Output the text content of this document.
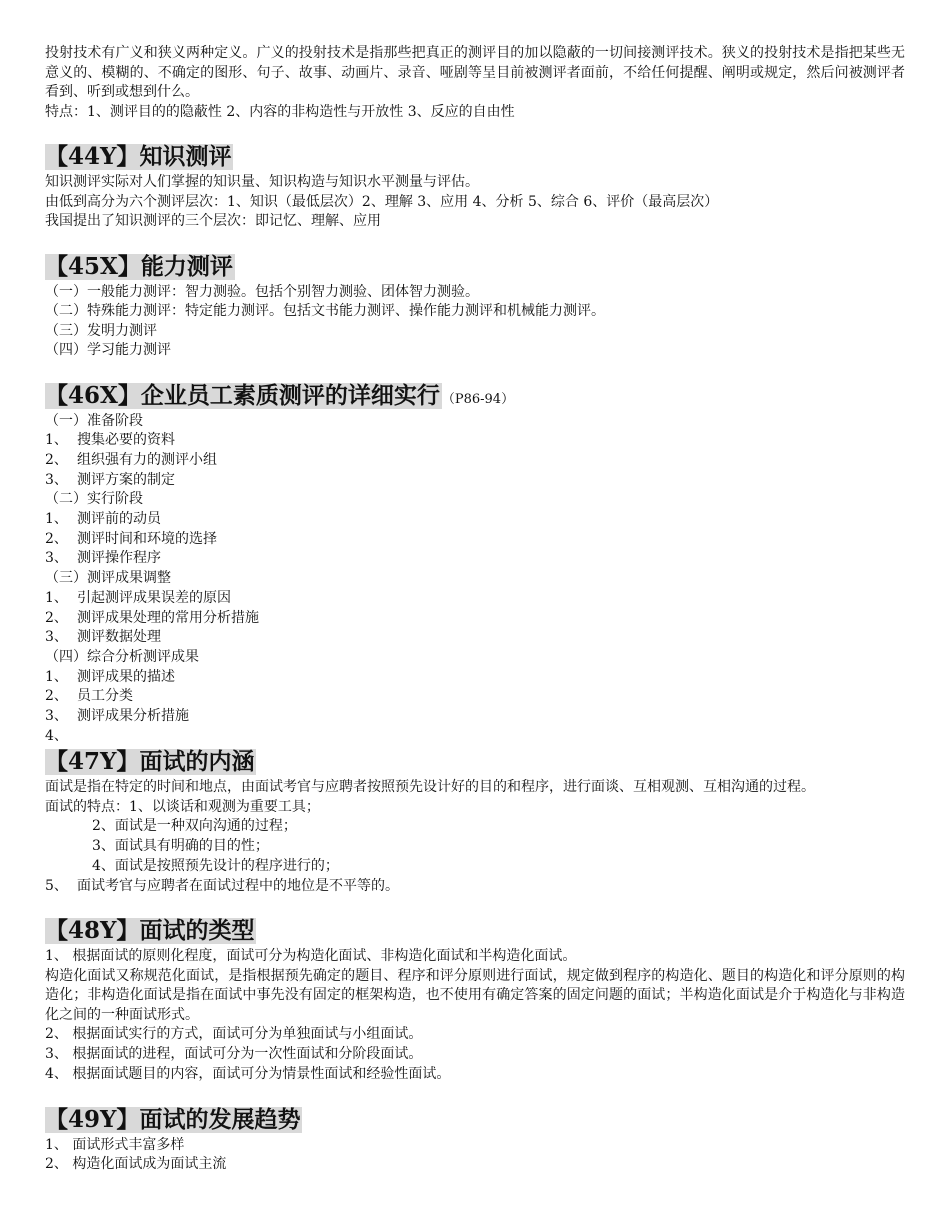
投射技术有广义和狭义两种定义。广义的投射技术是指那些把真正的测评目的加以隐蔽的一切间接测评技术。狭义的投射技术是指把某些无意义的、模糊的、不确定的图形、句子、故事、动画片、录音、哑剧等呈目前被测评者面前，不给任何提醒、阐明或规定，然后问被测评者看到、听到或想到什么。

特点：1、测评目的的隐蔽性 2、内容的非构造性与开放性 3、反应的自由性

【44Y】知识测评

知识测评实际对人们掌握的知识量、知识构造与知识水平测量与评估。

由低到高分为六个测评层次：1、知识（最低层次）2、理解 3、应用 4、分析 5、综合 6、评价（最高层次）

我国提出了知识测评的三个层次：即记忆、理解、应用

【45X】能力测评

（一）一般能力测评：智力测验。包括个别智力测验、团体智力测验。

（二）特殊能力测评：特定能力测评。包括文书能力测评、操作能力测评和机械能力测评。

（三）发明力测评

（四）学习能力测评

【46X】企业员工素质测评的详细实行 （P86-94）

（一）准备阶段

1、 搜集必要的资料

2、 组织强有力的测评小组

3、 测评方案的制定

（二）实行阶段

1、 测评前的动员

2、 测评时间和环境的选择

3、 测评操作程序

（三）测评成果调整

1、 引起测评成果误差的原因

2、 测评成果处理的常用分析措施

3、 测评数据处理

（四）综合分析测评成果

1、 测评成果的描述

2、 员工分类

3、 测评成果分析措施

4、

【47Y】面试的内涵

面试是指在特定的时间和地点，由面试考官与应聘者按照预先设计好的目的和程序，进行面谈、互相观测、互相沟通的过程。

面试的特点：1、以谈话和观测为重要工具；

2、面试是一种双向沟通的过程；

3、面试具有明确的目的性；

4、面试是按照预先设计的程序进行的；

5、 面试考官与应聘者在面试过程中的地位是不平等的。

【48Y】面试的类型

1、 根据面试的原则化程度，面试可分为构造化面试、非构造化面试和半构造化面试。

构造化面试又称规范化面试，是指根据预先确定的题目、程序和评分原则进行面试，规定做到程序的构造化、题目的构造化和评分原则的构造化；非构造化面试是指在面试中事先没有固定的框架构造，也不使用有确定答案的固定问题的面试；半构造化面试是介于构造化与非构造化之间的一种面试形式。

2、 根据面试实行的方式，面试可分为单独面试与小组面试。

3、 根据面试的进程，面试可分为一次性面试和分阶段面试。

4、 根据面试题目的内容，面试可分为情景性面试和经验性面试。

【49Y】面试的发展趋势

1、 面试形式丰富多样

2、 构造化面试成为面试主流
